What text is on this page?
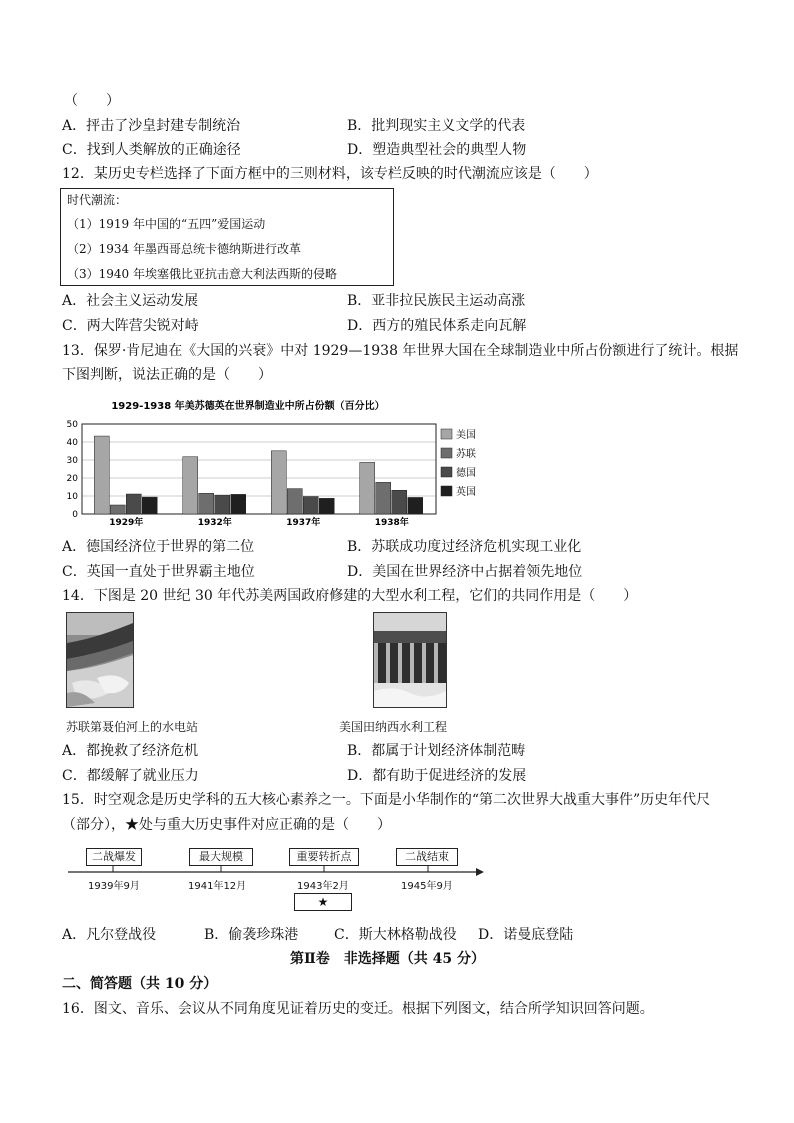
（　　）
A．抨击了沙皇封建专制统治	B．批判现实主义文学的代表
C．找到人类解放的正确途径	D．塑造典型社会的典型人物
12．某历史专栏选择了下面方框中的三则材料，该专栏反映的时代潮流应该是（　　）
时代潮流：
（1）1919 年中国的“五四”爱国运动
（2）1934 年墨西哥总统卡德纳斯进行改革
（3）1940 年埃塞俄比亚抗击意大利法西斯的侵略
A．社会主义运动发展	B．亚非拉民族民主运动高涨
C．两大阵营尖锐对峙	D．西方的殖民体系走向瓦解
13．保罗·肯尼迪在《大国的兴衰》中对 1929—1938 年世界大国在全球制造业中所占份额进行了统计。根据
下图判断，说法正确的是（　　）
1929-1938 年美苏德英在世界制造业中所占份额（百分比）
0
10
20
30
40
50
1929年	1932年	1937年	1938年
美国
苏联
德国
英国
A．德国经济位于世界的第二位	B．苏联成功度过经济危机实现工业化
C．英国一直处于世界霸主地位	D．美国在世界经济中占据着领先地位
14．下图是 20 世纪 30 年代苏美两国政府修建的大型水利工程，它们的共同作用是（　　）
苏联第聂伯河上的水电站	美国田纳西水利工程
A．都挽救了经济危机	B．都属于计划经济体制范畴
C．都缓解了就业压力	D．都有助于促进经济的发展
15．时空观念是历史学科的五大核心素养之一。下面是小华制作的“第二次世界大战重大事件”历史年代尺
（部分），★处与重大历史事件对应正确的是（　　）
二战爆发	最大规模	重要转折点	二战结束
1939年9月	1941年12月	1943年2月	1945年9月
★
A．凡尔登战役	B．偷袭珍珠港	C．斯大林格勒战役 D．诺曼底登陆
第Ⅱ卷　非选择题（共 45 分）
二、简答题（共 10 分）
16．图文、音乐、会议从不同角度见证着历史的变迁。根据下列图文，结合所学知识回答问题。
